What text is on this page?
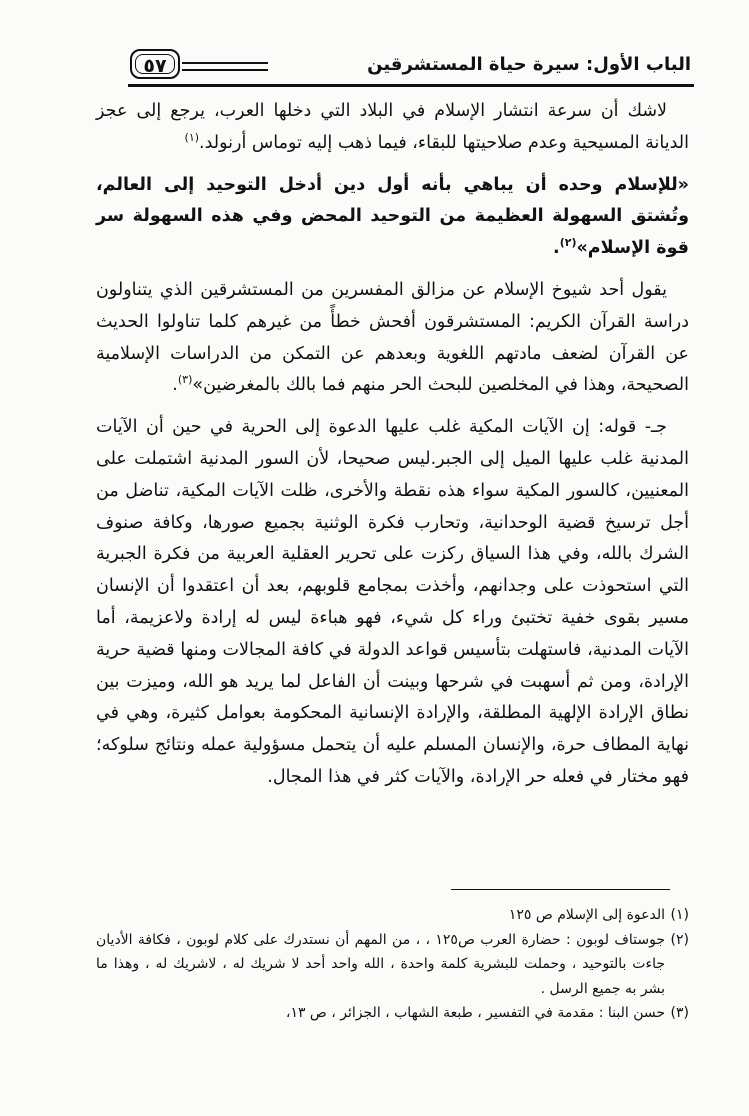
الباب الأول: سيرة حياة المستشرقين
٥٧

لاشك أن سرعة انتشار الإسلام في البلاد التي دخلها العرب، يرجع إلى عجز الديانة المسيحية وعدم صلاحيتها للبقاء، فيما ذهب إليه توماس أرنولد.$^{(١)}$

«للإسلام وحده أن يباهي بأنه أول دين أدخل التوحيد إلى العالم، وتُشتق السهولة العظيمة من التوحيد المحض وفي هذه السهولة سر قوة الإسلام»$^{(٢)}$.

يقول أحد شيوخ الإسلام عن مزالق المفسرين من المستشرقين الذي يتناولون دراسة القرآن الكريم: المستشرقون أفحش خطأً من غيرهم كلما تناولوا الحديث عن القرآن لضعف مادتهم اللغوية وبعدهم عن التمكن من الدراسات الإسلامية الصحيحة، وهذا في المخلصين للبحث الحر منهم فما بالك بالمغرضين»$^{(٣)}$.

جـ- قوله: إن الآيات المكية غلب عليها الدعوة إلى الحرية في حين أن الآيات المدنية غلب عليها الميل إلى الجبر.ليس صحيحا، لأن السور المدنية اشتملت على المعنيين، كالسور المكية سواء هذه نقطة والأخرى، ظلت الآيات المكية، تناضل من أجل ترسيخ قضية الوحدانية، وتحارب فكرة الوثنية بجميع صورها، وكافة صنوف الشرك بالله، وفي هذا السياق ركزت على تحرير العقلية العربية من فكرة الجبرية التي استحوذت على وجدانهم، وأخذت بمجامع قلوبهم، بعد أن اعتقدوا أن الإنسان مسير بقوى خفية تختبئ وراء كل شيء، فهو هباءة ليس له إرادة ولاعزيمة، أما الآيات المدنية، فاستهلت بتأسيس قواعد الدولة في كافة المجالات ومنها قضية حرية الإرادة، ومن ثم أسهبت في شرحها وبينت أن الفاعل لما يريد هو الله، وميزت بين نطاق الإرادة الإلهية المطلقة، والإرادة الإنسانية المحكومة بعوامل كثيرة، وهي في نهاية المطاف حرة، والإنسان المسلم عليه أن يتحمل مسؤولية عمله ونتائج سلوكه؛ فهو مختار في فعله حر الإرادة، والآيات كثر في هذا المجال.

(١)
الدعوة إلى الإسلام ص ١٢٥

(٢)
جوستاف لوبون : حضارة العرب ص١٢٥ ، ، من المهم أن نستدرك على كلام لوبون ، فكافة الأديان جاءت بالتوحيد ، وحملت للبشرية كلمة واحدة ، الله واحد أحد لا شريك له ، لاشريك له ، وهذا ما بشر به جميع الرسل .

(٣)
حسن البنا : مقدمة في التفسير ، طبعة الشهاب ، الجزائر ، ص ١٣،
